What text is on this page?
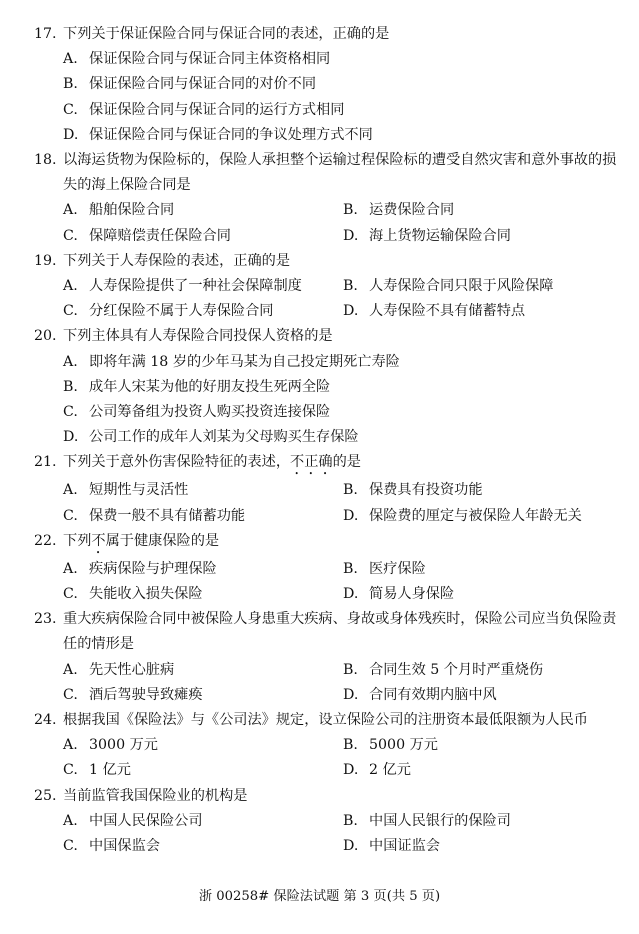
17. 下列关于保证保险合同与保证合同的表述，正确的是
A. 保证保险合同与保证合同主体资格相同
B. 保证保险合同与保证合同的对价不同
C. 保证保险合同与保证合同的运行方式相同
D. 保证保险合同与保证合同的争议处理方式不同
18. 以海运货物为保险标的，保险人承担整个运输过程保险标的遭受自然灾害和意外事故的损失的海上保险合同是
A. 船舶保险合同	B. 运费保险合同
C. 保障赔偿责任保险合同	D. 海上货物运输保险合同
19. 下列关于人寿保险的表述，正确的是
A. 人寿保险提供了一种社会保障制度	B. 人寿保险合同只限于风险保障
C. 分红保险不属于人寿保险合同	D. 人寿保险不具有储蓄特点
20. 下列主体具有人寿保险合同投保人资格的是
A. 即将年满 18 岁的少年马某为自己投定期死亡寿险
B. 成年人宋某为他的好朋友投生死两全险
C. 公司筹备组为投资人购买投资连接保险
D. 公司工作的成年人刘某为父母购买生存保险
21. 下列关于意外伤害保险特征的表述，不正确的是
A. 短期性与灵活性	B. 保费具有投资功能
C. 保费一般不具有储蓄功能	D. 保险费的厘定与被保险人年龄无关
22. 下列不属于健康保险的是
A. 疾病保险与护理保险	B. 医疗保险
C. 失能收入损失保险	D. 简易人身保险
23. 重大疾病保险合同中被保险人身患重大疾病、身故或身体残疾时，保险公司应当负保险责任的情形是
A. 先天性心脏病	B. 合同生效 5 个月时严重烧伤
C. 酒后驾驶导致瘫痪	D. 合同有效期内脑中风
24. 根据我国《保险法》与《公司法》规定，设立保险公司的注册资本最低限额为人民币
A. 3000 万元	B. 5000 万元
C. 1 亿元	D. 2 亿元
25. 当前监管我国保险业的机构是
A. 中国人民保险公司	B. 中国人民银行的保险司
C. 中国保监会	D. 中国证监会
浙 00258# 保险法试题 第 3 页(共 5 页)
